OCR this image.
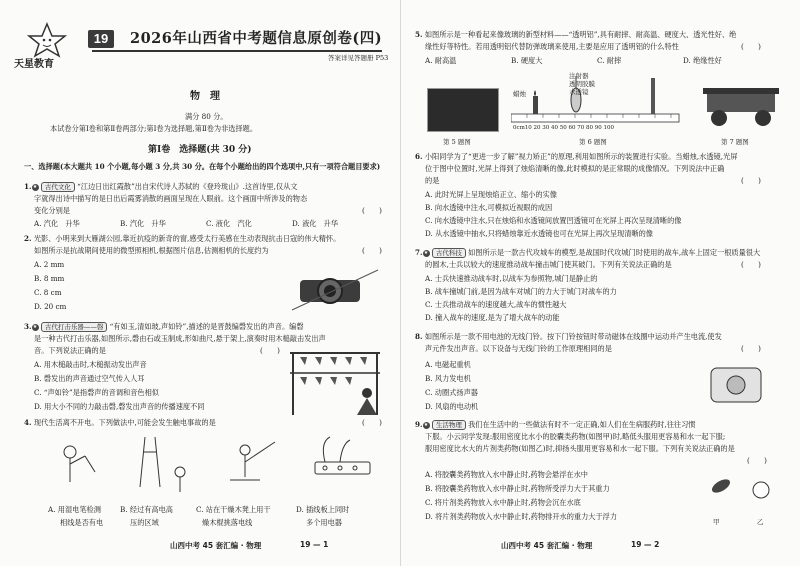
天星教育
19	2026年山西省中考题信息原创卷(四)
答案详见答题册 P53
物　理
满分 80 分。
本试卷分第Ⅰ卷和第Ⅱ卷两部分;第Ⅰ卷为选择题,第Ⅱ卷为非选择题。
第Ⅰ卷　选择题(共 30 分)
一、选择题(本大题共 10 个小题,每小题 3 分,共 30 分。在每个小题给出的四个选项中,只有一项符合题目要求)
1.★ 古代文化 “江边日出红霞散”出自宋代诗人苏轼的《登玲珑山》.这首诗里,仅从文
字就得出诗中描写的是日出后霞雾消散的画面呈现在人眼前。这个画面中所涉及的物态
变化分别是	(　　)
A. 汽化　升华	B. 汽化　升华	C. 液化　汽化	D. 液化　升华
2. 光影、小明来到大雁湖公园,靠近抗疫的新奇的窗,感受太行美感在生动表现抗击日寇的伟大精怀。
如图所示是抗战期间使用的微型照相机,根据图片信息,估测相机的长度约为	(　　)
A. 2 mm
B. 8 mm
C. 8 cm
D. 20 cm
3.★ 古代打击乐器——磬 “有如玉,清如玻,声如铃”,描述的是晋鼓编磬发出的声音。编磬
是一种古代打击乐器,如图所示,磬由石或玉制成,形如曲尺,悬于架上,演奏时用木槌敲击发出声
音。下列说法正确的是	(　　)
A. 用木槌敲击时,木槌振动发出声音
B. 磬发出的声音通过空气传入人耳
C. “声如铃”是指磬声的音调和音色相似
D. 用大小不同的力敲击磬,磬发出声音的传播速度不同
4. 现代生活离不开电。下列做法中,可能会发生触电事故的是	(　　)
A. 用湿电笔检测
相线是否有电
B. 经过有高电高
压的区域
C. 站在干燥木凳上用干
燥木棍挑落电线
D. 插线板上同时
多个用电器
山西中考 45 套汇编 · 物理	19 — 1
5. 如图所示是一种看起来像玻璃的新型材料——“透明铝”,具有耐摔、耐高温、硬度大、透光性好、绝
缘性好等特性。若用透明铝代替防弹玻璃来使用,主要是应用了透明铝的什么特性	(　　)
A. 耐高温	B. 硬度大	C. 耐摔	D. 绝缘性好
蜡烛
注射器
透明胶膜
水透镜
0cm10 20 30 40 50 60 70 80 90 100
第 5 题图	第 6 题图	第 7 题图
6. 小阳同学为了“更进一步了解”视力矫正”的原理,利用如图所示的装置进行实验。当蜡烛,水透镜,光屏
位于图中位置时,光屏上得到了烛焰清晰的像,此时模拟的是正常眼的成像情况。下列说法中正确
的是	(　　)
A. 此时光屏上呈现烛焰正立、缩小的实像
B. 向水透镜中注水,可模拟近视眼的成因
C. 向水透镜中注水,只在烛焰和水透镜间放置凹透镜可在光屏上再次呈现清晰的像
D. 从水透镜中抽水,只将蜡烛靠近水透镜也可在光屏上再次呈现清晰的像
7.★ 古代科技 如图所示是一款古代攻城车的模型,是战国时代攻城门时使用的战车,战车上固定一根质量很大
的圆木,士兵以较大的速度推动战车撞击城门使其破门。下列有关说法正确的是	(　　)
A. 士兵快速推动战车时,以战车为参照物,城门是静止的
B. 战车撞城门前,是因为战车对城门的力大于城门对战车的力
C. 士兵推动战车的速度越大,战车的惯性越大
D. 撞入战车的速度,是为了增大战车的动能
8. 如图所示是一款不用电池的无线门铃。按下门铃按钮时带动磁体在线圈中运动并产生电流,使发
声元件发出声音。以下设备与无线门铃的工作原理相同的是	(　　)
A. 电磁起重机
B. 风力发电机
C. 动圈式扬声器
D. 风扇的电动机
9.★ 生活物理 我们在生活中的一些做法有时不一定正确,如人们在生病服药时,往往习惯
下服。小云同学发现:服用密度比水小的胶囊类药物(如图甲)时,略低头服用更容易和水一起下服;
服用密度比水大的片剂类药物(如图乙)时,抑扬头服用更容易和水一起下服。下列有关说法正确的是
(　　)
A. 将胶囊类药物放入水中静止时,药物会悬浮在水中
B. 将胶囊类药物放入水中静止时,药物所受浮力大于其重力
C. 将片剂类药物放入水中静止时,药物会沉在水底
D. 将片剂类药物放入水中静止时,药物排开水的重力大于浮力
甲	乙
山西中考 45 套汇编 · 物理	19 — 2
